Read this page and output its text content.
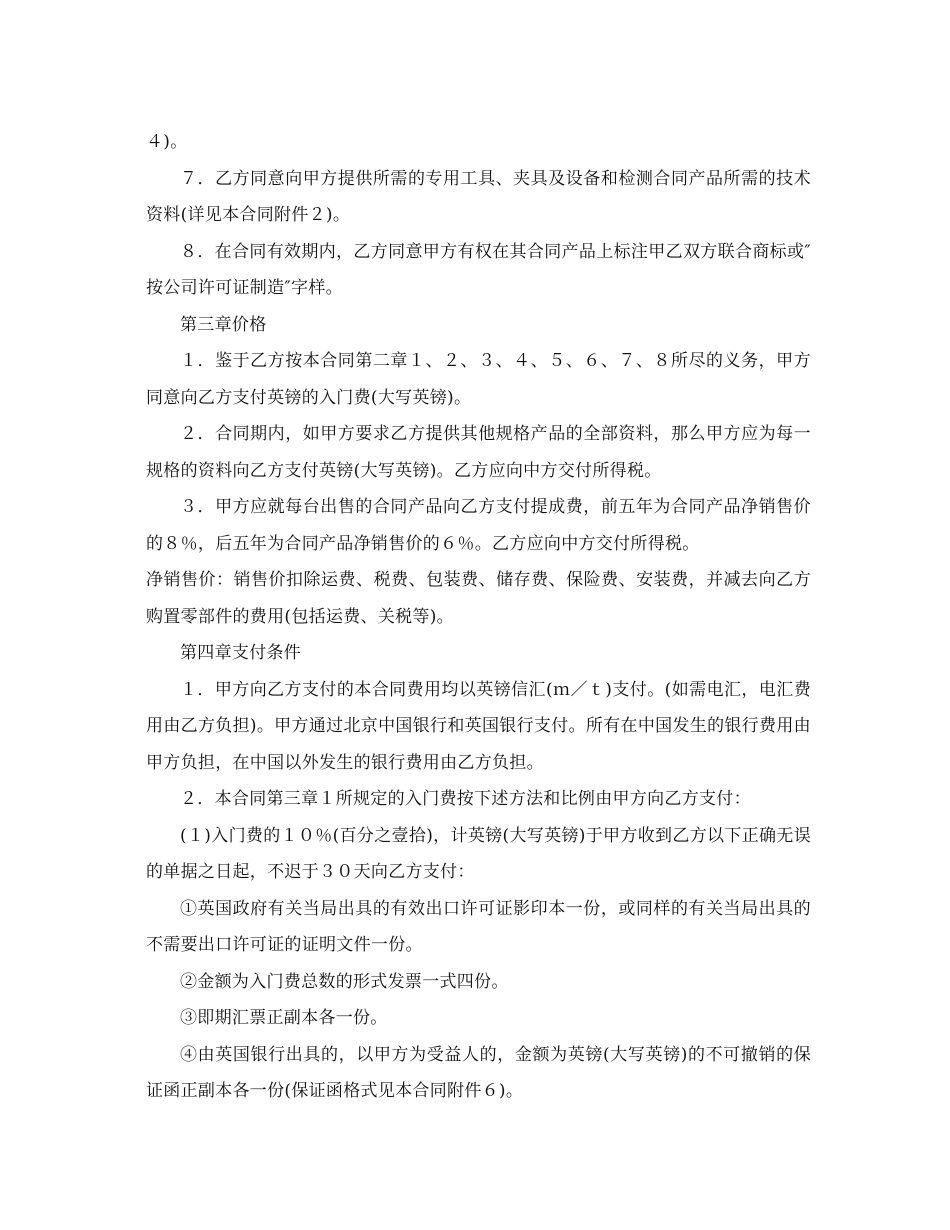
４)。

７．乙方同意向甲方提供所需的专用工具、夹具及设备和检测合同产品所需的技术资料(详见本合同附件２)。

８．在合同有效期内，乙方同意甲方有权在其合同产品上标注甲乙双方联合商标或″按公司许可证制造″字样。

第三章价格

１．鉴于乙方按本合同第二章１、２、３、４、５、６、７、８所尽的义务，甲方同意向乙方支付英镑的入门费(大写英镑)。

２．合同期内，如甲方要求乙方提供其他规格产品的全部资料，那么甲方应为每一规格的资料向乙方支付英镑(大写英镑)。乙方应向中方交付所得税。

３．甲方应就每台出售的合同产品向乙方支付提成费，前五年为合同产品净销售价的８％，后五年为合同产品净销售价的６％。乙方应向中方交付所得税。

净销售价：销售价扣除运费、税费、包装费、储存费、保险费、安装费，并减去向乙方购置零部件的费用(包括运费、关税等)。

第四章支付条件

１．甲方向乙方支付的本合同费用均以英镑信汇(ｍ／ｔ)支付。(如需电汇，电汇费用由乙方负担)。甲方通过北京中国银行和英国银行支付。所有在中国发生的银行费用由甲方负担，在中国以外发生的银行费用由乙方负担。

２．本合同第三章１所规定的入门费按下述方法和比例由甲方向乙方支付：

(１)入门费的１０％(百分之壹拾)，计英镑(大写英镑)于甲方收到乙方以下正确无误的单据之日起，不迟于３０天向乙方支付：

①英国政府有关当局出具的有效出口许可证影印本一份，或同样的有关当局出具的不需要出口许可证的证明文件一份。

②金额为入门费总数的形式发票一式四份。

③即期汇票正副本各一份。

④由英国银行出具的，以甲方为受益人的，金额为英镑(大写英镑)的不可撤销的保证函正副本各一份(保证函格式见本合同附件６)。
